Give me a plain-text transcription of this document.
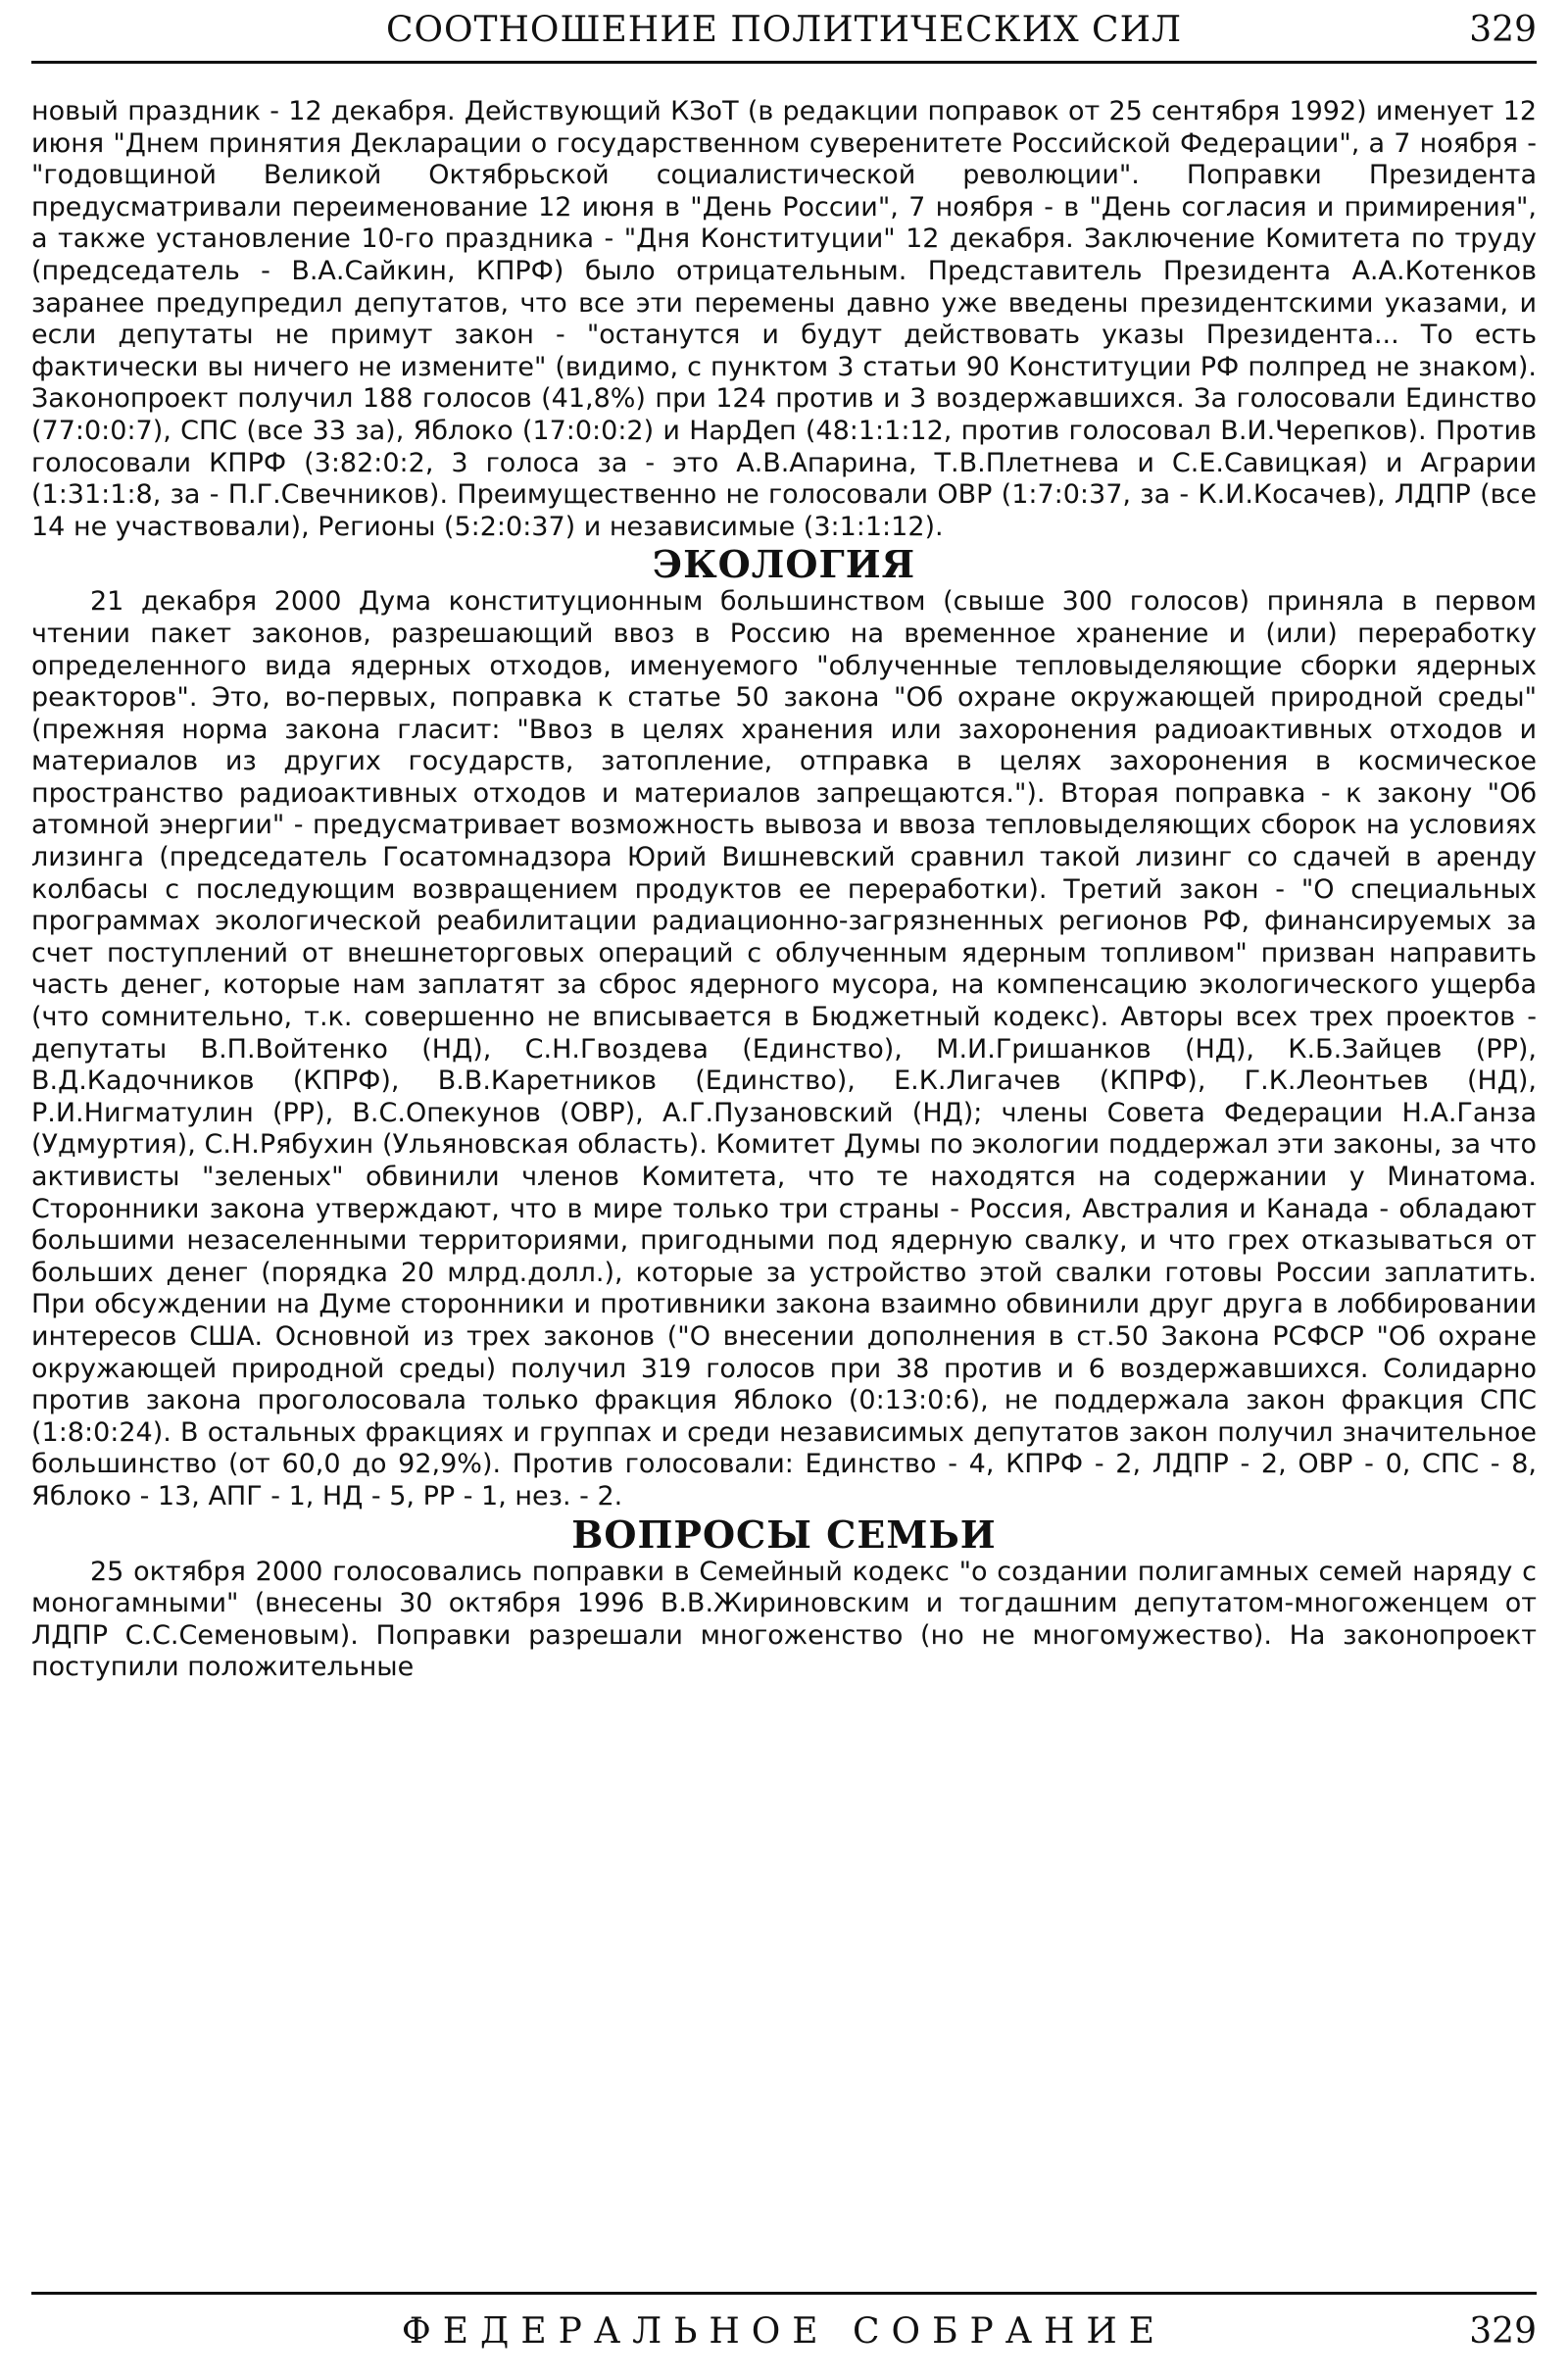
СООТНОШЕНИЕ ПОЛИТИЧЕСКИХ СИЛ	329

новый праздник - 12 декабря. Действующий КЗоТ (в редакции поправок от 25 сентября 1992) именует 12 июня "Днем принятия Декларации о государственном суверенитете Российской Федерации", а 7 ноября - "годовщиной Великой Октябрьской социалистической революции". Поправки Президента предусматривали переименование 12 июня в "День России", 7 ноября - в "День согласия и примирения", а также установление 10-го праздника - "Дня Конституции" 12 декабря. Заключение Комитета по труду (председатель - В.А.Сайкин, КПРФ) было отрицательным. Представитель Президента А.А.Котенков заранее предупредил депутатов, что все эти перемены давно уже введены президентскими указами, и если депутаты не примут закон - "останутся и будут действовать указы Президента... То есть фактически вы ничего не измените" (видимо, с пунктом 3 статьи 90 Конституции РФ полпред не знаком). Законопроект получил 188 голосов (41,8%) при 124 против и 3 воздержавшихся. За голосовали Единство (77:0:0:7), СПС (все 33 за), Яблоко (17:0:0:2) и НарДеп (48:1:1:12, против голосовал В.И.Черепков). Против голосовали КПРФ (3:82:0:2, 3 голоса за - это А.В.Апарина, Т.В.Плетнева и С.Е.Савицкая) и Аграрии (1:31:1:8, за - П.Г.Свечников). Преимущественно не голосовали ОВР (1:7:0:37, за - К.И.Косачев), ЛДПР (все 14 не участвовали), Регионы (5:2:0:37) и независимые (3:1:1:12).

ЭКОЛОГИЯ

21 декабря 2000 Дума конституционным большинством (свыше 300 голосов) приняла в первом чтении пакет законов, разрешающий ввоз в Россию на временное хранение и (или) переработку определенного вида ядерных отходов, именуемого "облученные тепловыделяющие сборки ядерных реакторов". Это, во-первых, поправка к статье 50 закона "Об охране окружающей природной среды" (прежняя норма закона гласит: "Ввоз в целях хранения или захоронения радиоактивных отходов и материалов из других государств, затопление, отправка в целях захоронения в космическое пространство радиоактивных отходов и материалов запрещаются."). Вторая поправка - к закону "Об атомной энергии" - предусматривает возможность вывоза и ввоза тепловыделяющих сборок на условиях лизинга (председатель Госатомнадзора Юрий Вишневский сравнил такой лизинг со сдачей в аренду колбасы с последующим возвращением продуктов ее переработки). Третий закон - "О специальных программах экологической реабилитации радиационно-загрязненных регионов РФ, финансируемых за счет поступлений от внешнеторговых операций с облученным ядерным топливом" призван направить часть денег, которые нам заплатят за сброс ядерного мусора, на компенсацию экологического ущерба (что сомнительно, т.к. совершенно не вписывается в Бюджетный кодекс). Авторы всех трех проектов - депутаты В.П.Войтенко (НД), С.Н.Гвоздева (Единство), М.И.Гришанков (НД), К.Б.Зайцев (РР), В.Д.Кадочников (КПРФ), В.В.Каретников (Единство), Е.К.Лигачев (КПРФ), Г.К.Леонтьев (НД), Р.И.Нигматулин (РР), В.С.Опекунов (ОВР), А.Г.Пузановский (НД); члены Совета Федерации Н.А.Ганза (Удмуртия), С.Н.Рябухин (Ульяновская область). Комитет Думы по экологии поддержал эти законы, за что активисты "зеленых" обвинили членов Комитета, что те находятся на содержании у Минатома. Сторонники закона утверждают, что в мире только три страны - Россия, Австралия и Канада - обладают большими незаселенными территориями, пригодными под ядерную свалку, и что грех отказываться от больших денег (порядка 20 млрд.долл.), которые за устройство этой свалки готовы России заплатить. При обсуждении на Думе сторонники и противники закона взаимно обвинили друг друга в лоббировании интересов США. Основной из трех законов ("О внесении дополнения в ст.50 Закона РСФСР "Об охране окружающей природной среды) получил 319 голосов при 38 против и 6 воздержавшихся. Солидарно против закона проголосовала только фракция Яблоко (0:13:0:6), не поддержала закон фракция СПС (1:8:0:24). В остальных фракциях и группах и среди независимых депутатов закон получил значительное большинство (от 60,0 до 92,9%). Против голосовали: Единство - 4, КПРФ - 2, ЛДПР - 2, ОВР - 0, СПС - 8, Яблоко - 13, АПГ - 1, НД - 5, РР - 1, нез. - 2.

ВОПРОСЫ СЕМЬИ

25 октября 2000 голосовались поправки в Семейный кодекс "о создании полигамных семей наряду с моногамными" (внесены 30 октября 1996 В.В.Жириновским и тогдашним депутатом-многоженцем от ЛДПР С.С.Семеновым). Поправки разрешали многоженство (но не многомужество). На законопроект поступили положительные

ФЕДЕРАЛЬНОЕ СОБРАНИЕ	329
